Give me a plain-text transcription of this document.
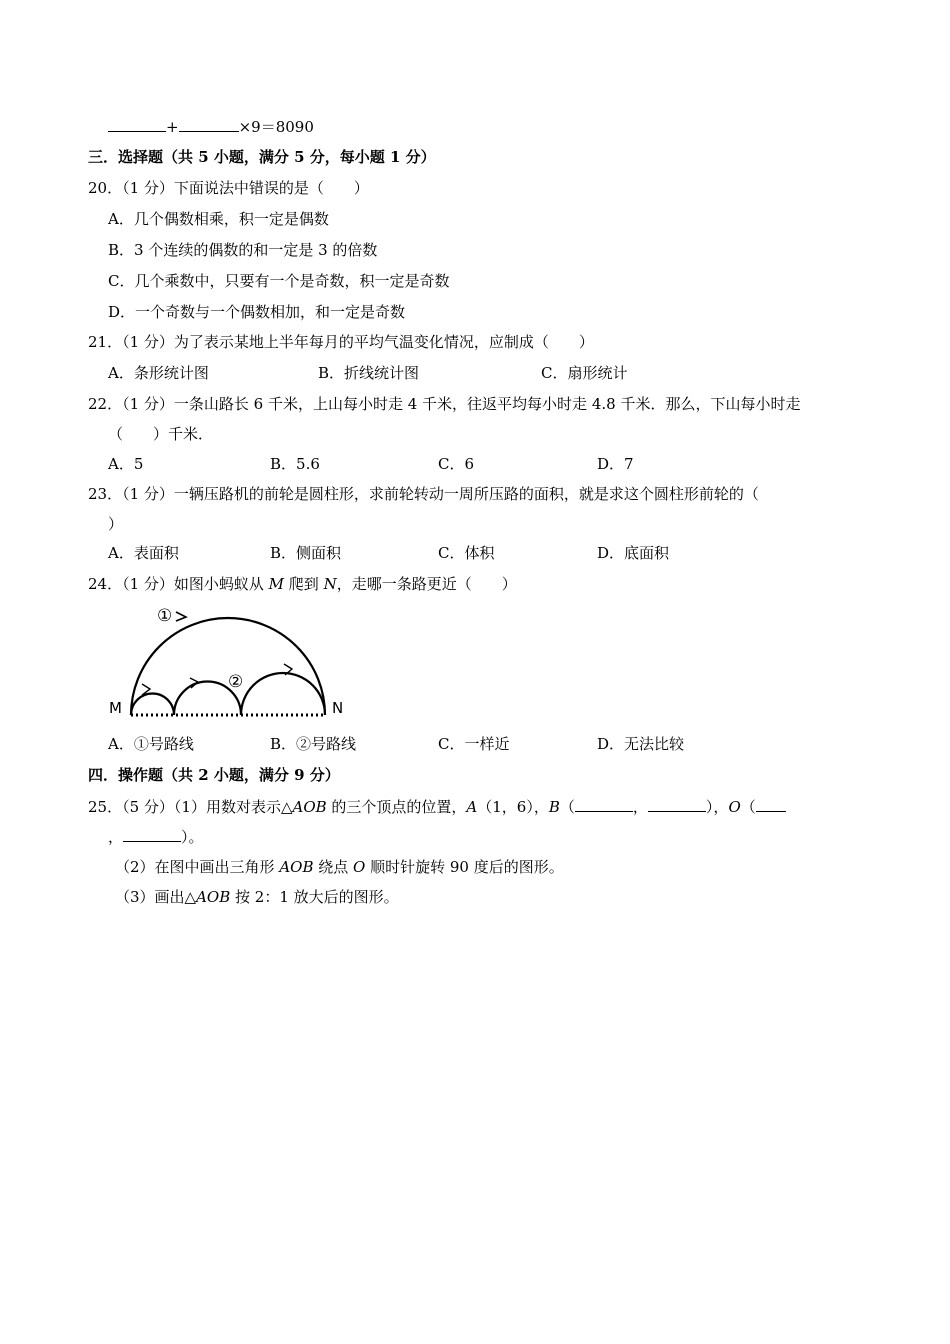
+	×9＝8090
三．选择题（共 5 小题，满分 5 分，每小题 1 分）
20．（1 分）下面说法中错误的是（　　）
A．几个偶数相乘，积一定是偶数
B．3 个连续的偶数的和一定是 3 的倍数
C．几个乘数中，只要有一个是奇数，积一定是奇数
D．一个奇数与一个偶数相加，和一定是奇数
21．（1 分）为了表示某地上半年每月的平均气温变化情况，应制成（　　）
A．条形统计图	B．折线统计图	C．扇形统计
22．（1 分）一条山路长 6 千米，上山每小时走 4 千米，往返平均每小时走 4.8 千米．那么，下山每小时走
（　　）千米．
A．5	B．5.6	C．6	D．7
23．（1 分）一辆压路机的前轮是圆柱形，求前轮转动一周所压路的面积，就是求这个圆柱形前轮的（
）
A．表面积	B．侧面积	C．体积	D．底面积
24．（1 分）如图小蚂蚁从 M 爬到 N，走哪一条路更近（　　）
①
②
M	N
A．①号路线	B．②号路线	C．一样近	D．无法比较
四．操作题（共 2 小题，满分 9 分）
25．（5 分）（1）用数对表示△AOB 的三个顶点的位置，A（1，6），B（	，	），O（
，	）。
（2）在图中画出三角形 AOB 绕点 O 顺时针旋转 90 度后的图形。
（3）画出△AOB 按 2：1 放大后的图形。
